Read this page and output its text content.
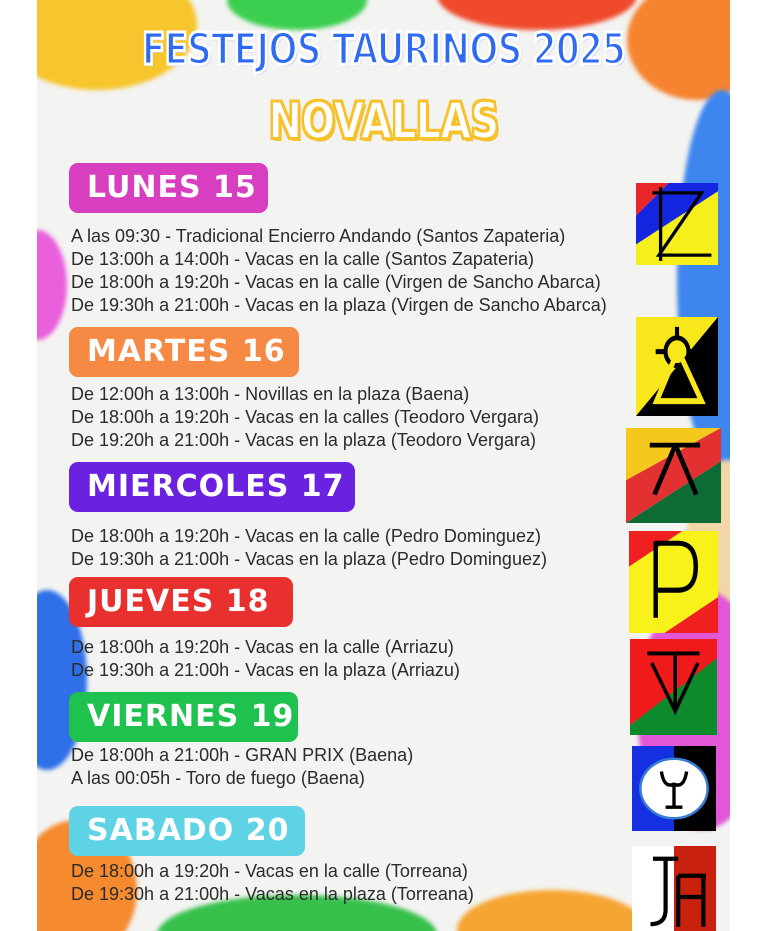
FESTEJOS TAURINOS 2025
NOVALLAS
LUNES 15
A las 09:30 - Tradicional Encierro Andando (Santos Zapateria)
De 13:00h a 14:00h - Vacas en la calle (Santos Zapateria)
De 18:00h a 19:20h - Vacas en la calle (Virgen de Sancho Abarca)
De 19:30h a 21:00h - Vacas en la plaza (Virgen de Sancho Abarca)
MARTES 16
De 12:00h a 13:00h - Novillas en la plaza (Baena)
De 18:00h a 19:20h - Vacas en la calles (Teodoro Vergara)
De 19:20h a 21:00h - Vacas en la plaza (Teodoro Vergara)
MIERCOLES 17
De 18:00h a 19:20h - Vacas en la calle (Pedro Dominguez)
De 19:30h a 21:00h - Vacas en la plaza (Pedro Dominguez)
JUEVES 18
De 18:00h a 19:20h - Vacas en la calle (Arriazu)
De 19:30h a 21:00h - Vacas en la plaza (Arriazu)
VIERNES 19
De 18:00h a 21:00h - GRAN PRIX (Baena)
A las 00:05h - Toro de fuego (Baena)
SABADO 20
De 18:00h a 19:20h - Vacas en la calle (Torreana)
De 19:30h a 21:00h - Vacas en la plaza (Torreana)
